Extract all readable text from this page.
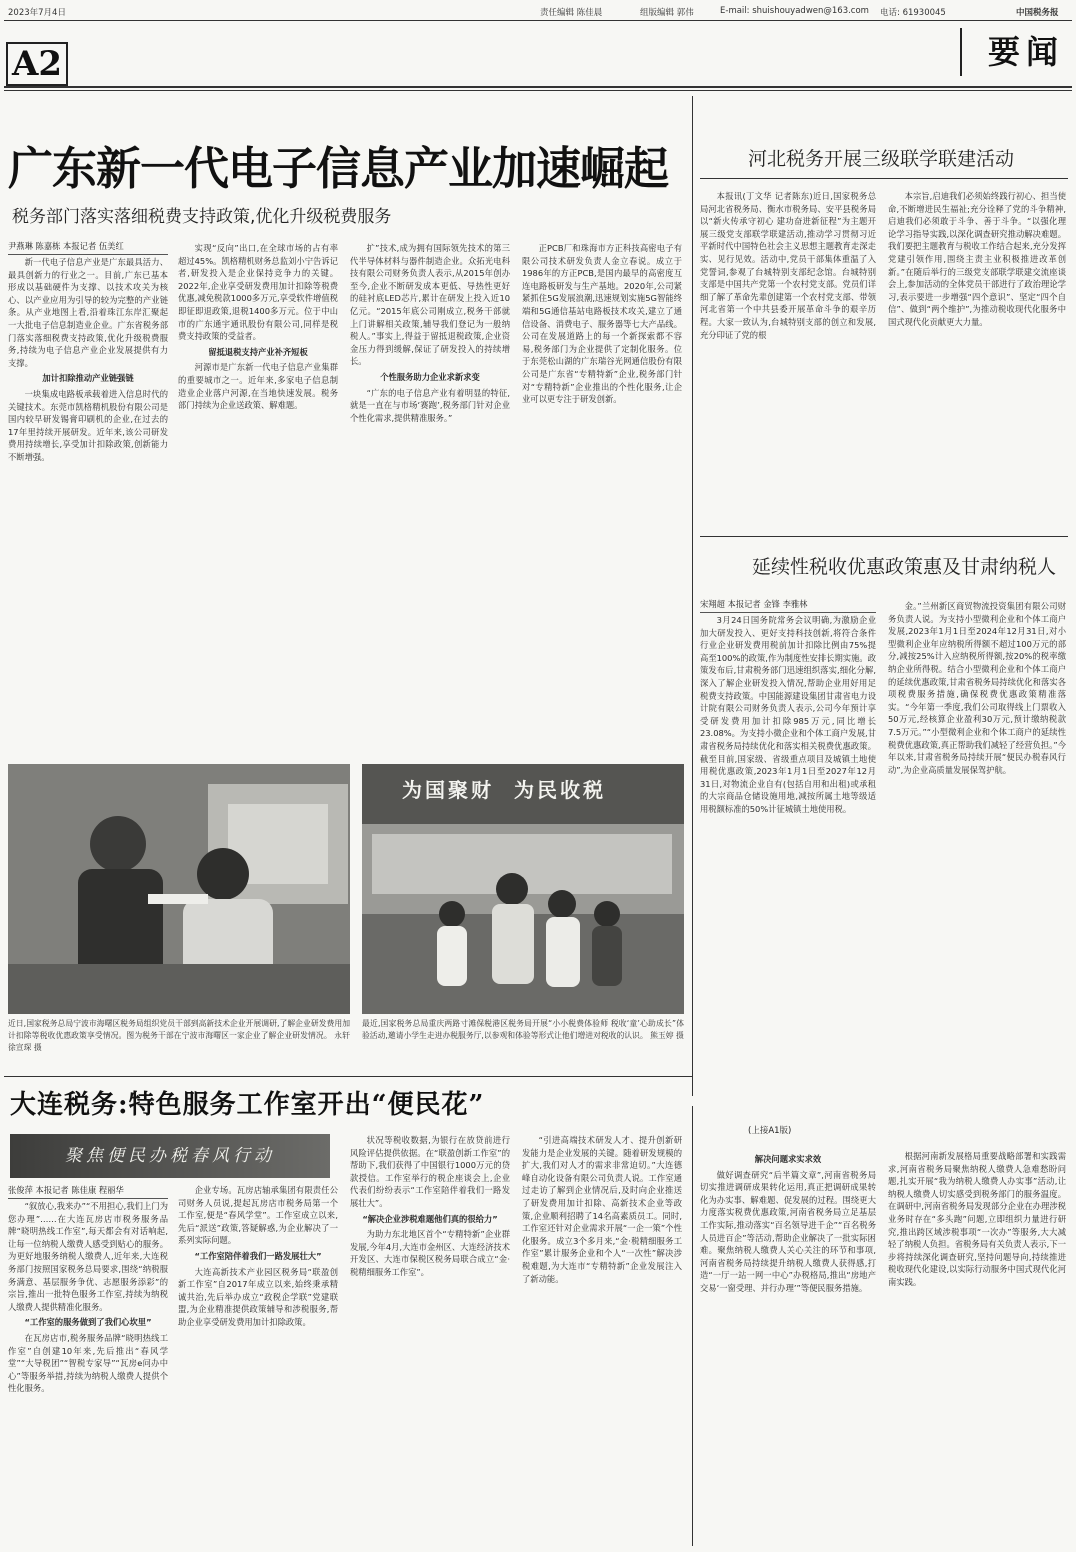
2023年7月4日	责任编辑 陈佳晨	组版编辑 郭伟	E-mail: shuishouyadwen@163.com 电话: 61930045	中国税务报
A2	要闻
广东新一代电子信息产业加速崛起
税务部门落实落细税费支持政策,优化升级税费服务
尹燕琳 陈嘉栋 本报记者 伍美红

新一代电子信息产业是广东最具活力、最具创新力的行业之一。目前,广东已基本形成以基础硬件为支撑、以技术攻关为核心、以产业应用为引导的较为完整的产业链条。从产业地图上看,沿着珠江东岸汇聚起一大批电子信息制造业企业。广东省税务部门落实落细税费支持政策,优化升级税费服务,持续为电子信息产业企业发展提供有力支撑。

加计扣除推动产业链强链

一块集成电路板承载着进入信息时代的关键技术。东莞市凯格精机股份有限公司是国内较早研发锡膏印刷机的企业,在过去的17年里持续开展研发。近年来,该公司研发费用持续增长,享受加计扣除政策,创新能力不断增强。

实现“反向”出口,在全球市场的占有率超过45%。凯格精机财务总监刘小宁告诉记者,研发投入是企业保持竞争力的关键。2022年,企业享受研发费用加计扣除等税费优惠,减免税款1000多万元,享受软件增值税即征即退政策,退税1400多万元。位于中山市的广东通宇通讯股份有限公司,同样是税费支持政策的受益者。

留抵退税支持产业补齐短板

河源市是广东新一代电子信息产业集群的重要城市之一。近年来,多家电子信息制造业企业落户河源,在当地快速发展。税务部门持续为企业送政策、解难题。

扩”技术,成为拥有国际领先技术的第三代半导体材料与器件制造企业。众拓光电科技有限公司财务负责人表示,从2015年创办至今,企业不断研发成本更低、导热性更好的硅衬底LED芯片,累计在研发上投入近10亿元。“2015年底公司刚成立,税务干部就上门讲解相关政策,辅导我们登记为一般纳税人。”事实上,得益于留抵退税政策,企业资金压力得到缓解,保证了研发投入的持续增长。

个性服务助力企业求新求变

“广东的电子信息产业有着明显的特征,就是一直在与市场‘赛跑’,税务部门针对企业个性化需求,提供精准服务。”

正PCB厂和珠海市方正科技高密电子有限公司技术研发负责人金立春说。成立于1986年的方正PCB,是国内最早的高密度互连电路板研发与生产基地。2020年,公司紧紧抓住5G发展浪潮,迅速规划实施5G智能终端和5G通信基站电路板技术攻关,建立了通信设备、消费电子、服务器等七大产品线。公司在发展道路上的每一个新探索都不容易,税务部门为企业提供了定制化服务。位于东莞松山湖的广东瑞谷光网通信股份有限公司是广东省“专精特新”企业,税务部门针对“专精特新”企业推出的个性化服务,让企业可以更专注于研发创新。

近日,国家税务总局宁波市海曙区税务局组织党员干部到高新技术企业开展调研,了解企业研发费用加计扣除等税收优惠政策享受情况。图为税务干部在宁波市海曙区一家企业了解企业研发情况。 永轩 徐宣琛 摄
为国聚财 为民收税
最近,国家税务总局重庆两路寸滩保税港区税务局开展“小小税费体验师 税收‘童’心助成长”体验活动,邀请小学生走进办税服务厅,以参观和体验等形式让他们增进对税收的认识。 熊玉婷 摄
河北税务开展三级联学联建活动

本报讯(丁文华 记者陈东)近日,国家税务总局河北省税务局、衡水市税务局、安平县税务局以“新火传承守初心 建功奋进新征程”为主题开展三级党支部联学联建活动,推动学习贯彻习近平新时代中国特色社会主义思想主题教育走深走实、见行见效。活动中,党员干部集体重温了入党誓词,参观了台城特别支部纪念馆。台城特别支部是中国共产党第一个农村党支部。党员们详细了解了革命先辈创建第一个农村党支部、带领河北省第一个中共县委开展革命斗争的艰辛历程。大家一致认为,台城特别支部的创立和发展,充分印证了党的根

本宗旨,启迪我们必须始终践行初心、担当使命,不断增进民生福祉;充分诠释了党的斗争精神,启迪我们必须敢于斗争、善于斗争。“以强化理论学习指导实践,以深化调查研究推动解决难题。我们要把主题教育与税收工作结合起来,充分发挥党建引领作用,围绕主责主业积极推进改革创新。”在随后举行的三级党支部联学联建交流座谈会上,参加活动的全体党员干部进行了政治理论学习,表示要进一步增强“四个意识”、坚定“四个自信”、做到“两个维护”,为推动税收现代化服务中国式现代化贡献更大力量。

延续性税收优惠政策惠及甘肃纳税人
宋翔超 本报记者 金锋 李雅林

3月24日国务院常务会议明确,为激励企业加大研发投入、更好支持科技创新,将符合条件行业企业研发费用税前加计扣除比例由75%提高至100%的政策,作为制度性安排长期实施。政策发布后,甘肃税务部门迅速组织落实,细化分解,深入了解企业研发投入情况,帮助企业用好用足税费支持政策。中国能源建设集团甘肃省电力设计院有限公司财务负责人表示,公司今年预计享受研发费用加计扣除985万元,同比增长23.08%。为支持小微企业和个体工商户发展,甘肃省税务局持续优化和落实相关税费优惠政策。截至目前,国家级、省级重点项目及城镇土地使用税优惠政策,2023年1月1日至2027年12月31日,对物流企业自有(包括自用和出租)或承租的大宗商品仓储设施用地,减按所属土地等级适用税额标准的50%计征城镇土地使用税。

金。”兰州新区商贸物流投资集团有限公司财务负责人说。为支持小型微利企业和个体工商户发展,2023年1月1日至2024年12月31日,对小型微利企业年应纳税所得额不超过100万元的部分,减按25%计入应纳税所得额,按20%的税率缴纳企业所得税。结合小型微利企业和个体工商户的延续优惠政策,甘肃省税务局持续优化和落实各项税费服务措施,确保税费优惠政策精准落实。“今年第一季度,我们公司取得线上门票收入50万元,经核算企业盈利30万元,预计缴纳税款7.5万元。”“小型微利企业和个体工商户的延续性税费优惠政策,真正帮助我们减轻了经营负担。”今年以来,甘肃省税务局持续开展“便民办税春风行动”,为企业高质量发展保驾护航。

大连税务:特色服务工作室开出“便民花”
聚焦便民办税春风行动
张俊萍 本报记者 陈佳康 程丽华

“叙放心,我来办”“不用担心,我们上门为您办理”……在大连瓦房店市税务服务品牌“晓明热线工作室”,每天都会有对话响起,让每一位纳税人缴费人感受到贴心的服务。为更好地服务纳税人缴费人,近年来,大连税务部门按照国家税务总局要求,围绕“纳税服务满意、基层服务争优、志愿服务添彩”的宗旨,推出一批特色服务工作室,持续为纳税人缴费人提供精准化服务。

“工作室的服务做到了我们心坎里”

在瓦房店市,税务服务品牌“晓明热线工作室”自创建10年来,先后推出“春风学堂”“大导税团”“智税专家导”“瓦房e问办中心”等服务举措,持续为纳税人缴费人提供个性化服务。

企业专场。瓦房店轴承集团有限责任公司财务人员说,提起瓦房店市税务局第一个工作室,便是“春风学堂”。工作室成立以来,先后“派送”政策,答疑解惑,为企业解决了一系列实际问题。

“工作室陪伴着我们一路发展壮大”

大连高新技术产业园区税务局“联盈创新工作室”自2017年成立以来,始终秉承精诚共治,先后举办成立“政税企学联”党建联盟,为企业精准提供政策辅导和涉税服务,帮助企业享受研发费用加计扣除政策。

状况等税收数据,为银行在放贷前进行风险评估提供依据。在“联盈创新工作室”的帮助下,我们获得了中国银行1000万元的贷款授信。工作室举行的税企座谈会上,企业代表们纷纷表示“工作室陪伴着我们一路发展壮大”。

“解决企业涉税难题他们真的很给力”

为助力东北地区首个“专精特新”企业群发展,今年4月,大连市金州区、大连经济技术开发区、大连市保税区税务局联合成立“金·税精细服务工作室”。

“引进高端技术研发人才、提升创新研发能力是企业发展的关键。随着研发规模的扩大,我们对人才的需求非常迫切。”大连德峰自动化设备有限公司负责人说。工作室通过走访了解到企业情况后,及时向企业推送了研发费用加计扣除、高新技术企业等政策,企业顺利招聘了14名高素质员工。同时,工作室还针对企业需求开展“一企一策”个性化服务。成立3个多月来,“金·税精细服务工作室”累计服务企业和个人“一次性”解决涉税难题,为大连市“专精特新”企业发展注入了新动能。

(上接A1版)

解决问题求实求效

做好调查研究“后半篇文章”,河南省税务局切实推进调研成果转化运用,真正把调研成果转化为办实事、解难题、促发展的过程。围绕更大力度落实税费优惠政策,河南省税务局立足基层工作实际,推动落实“百名领导进千企”“百名税务人员进百企”等活动,帮助企业解决了一批实际困难。聚焦纳税人缴费人关心关注的环节和事项,河南省税务局持续提升纳税人缴费人获得感,打造“一厅一站一网一中心”办税格局,推出“房地产交易‘一窗受理、并行办理’”等便民服务措施。

根据河南新发展格局重要战略部署和实践需求,河南省税务局聚焦纳税人缴费人急难愁盼问题,扎实开展“我为纳税人缴费人办实事”活动,让纳税人缴费人切实感受到税务部门的服务温度。在调研中,河南省税务局发现部分企业在办理涉税业务时存在“多头跑”问题,立即组织力量进行研究,推出跨区域涉税事项“一次办”等服务,大大减轻了纳税人负担。省税务局有关负责人表示,下一步将持续深化调查研究,坚持问题导向,持续推进税收现代化建设,以实际行动服务中国式现代化河南实践。
